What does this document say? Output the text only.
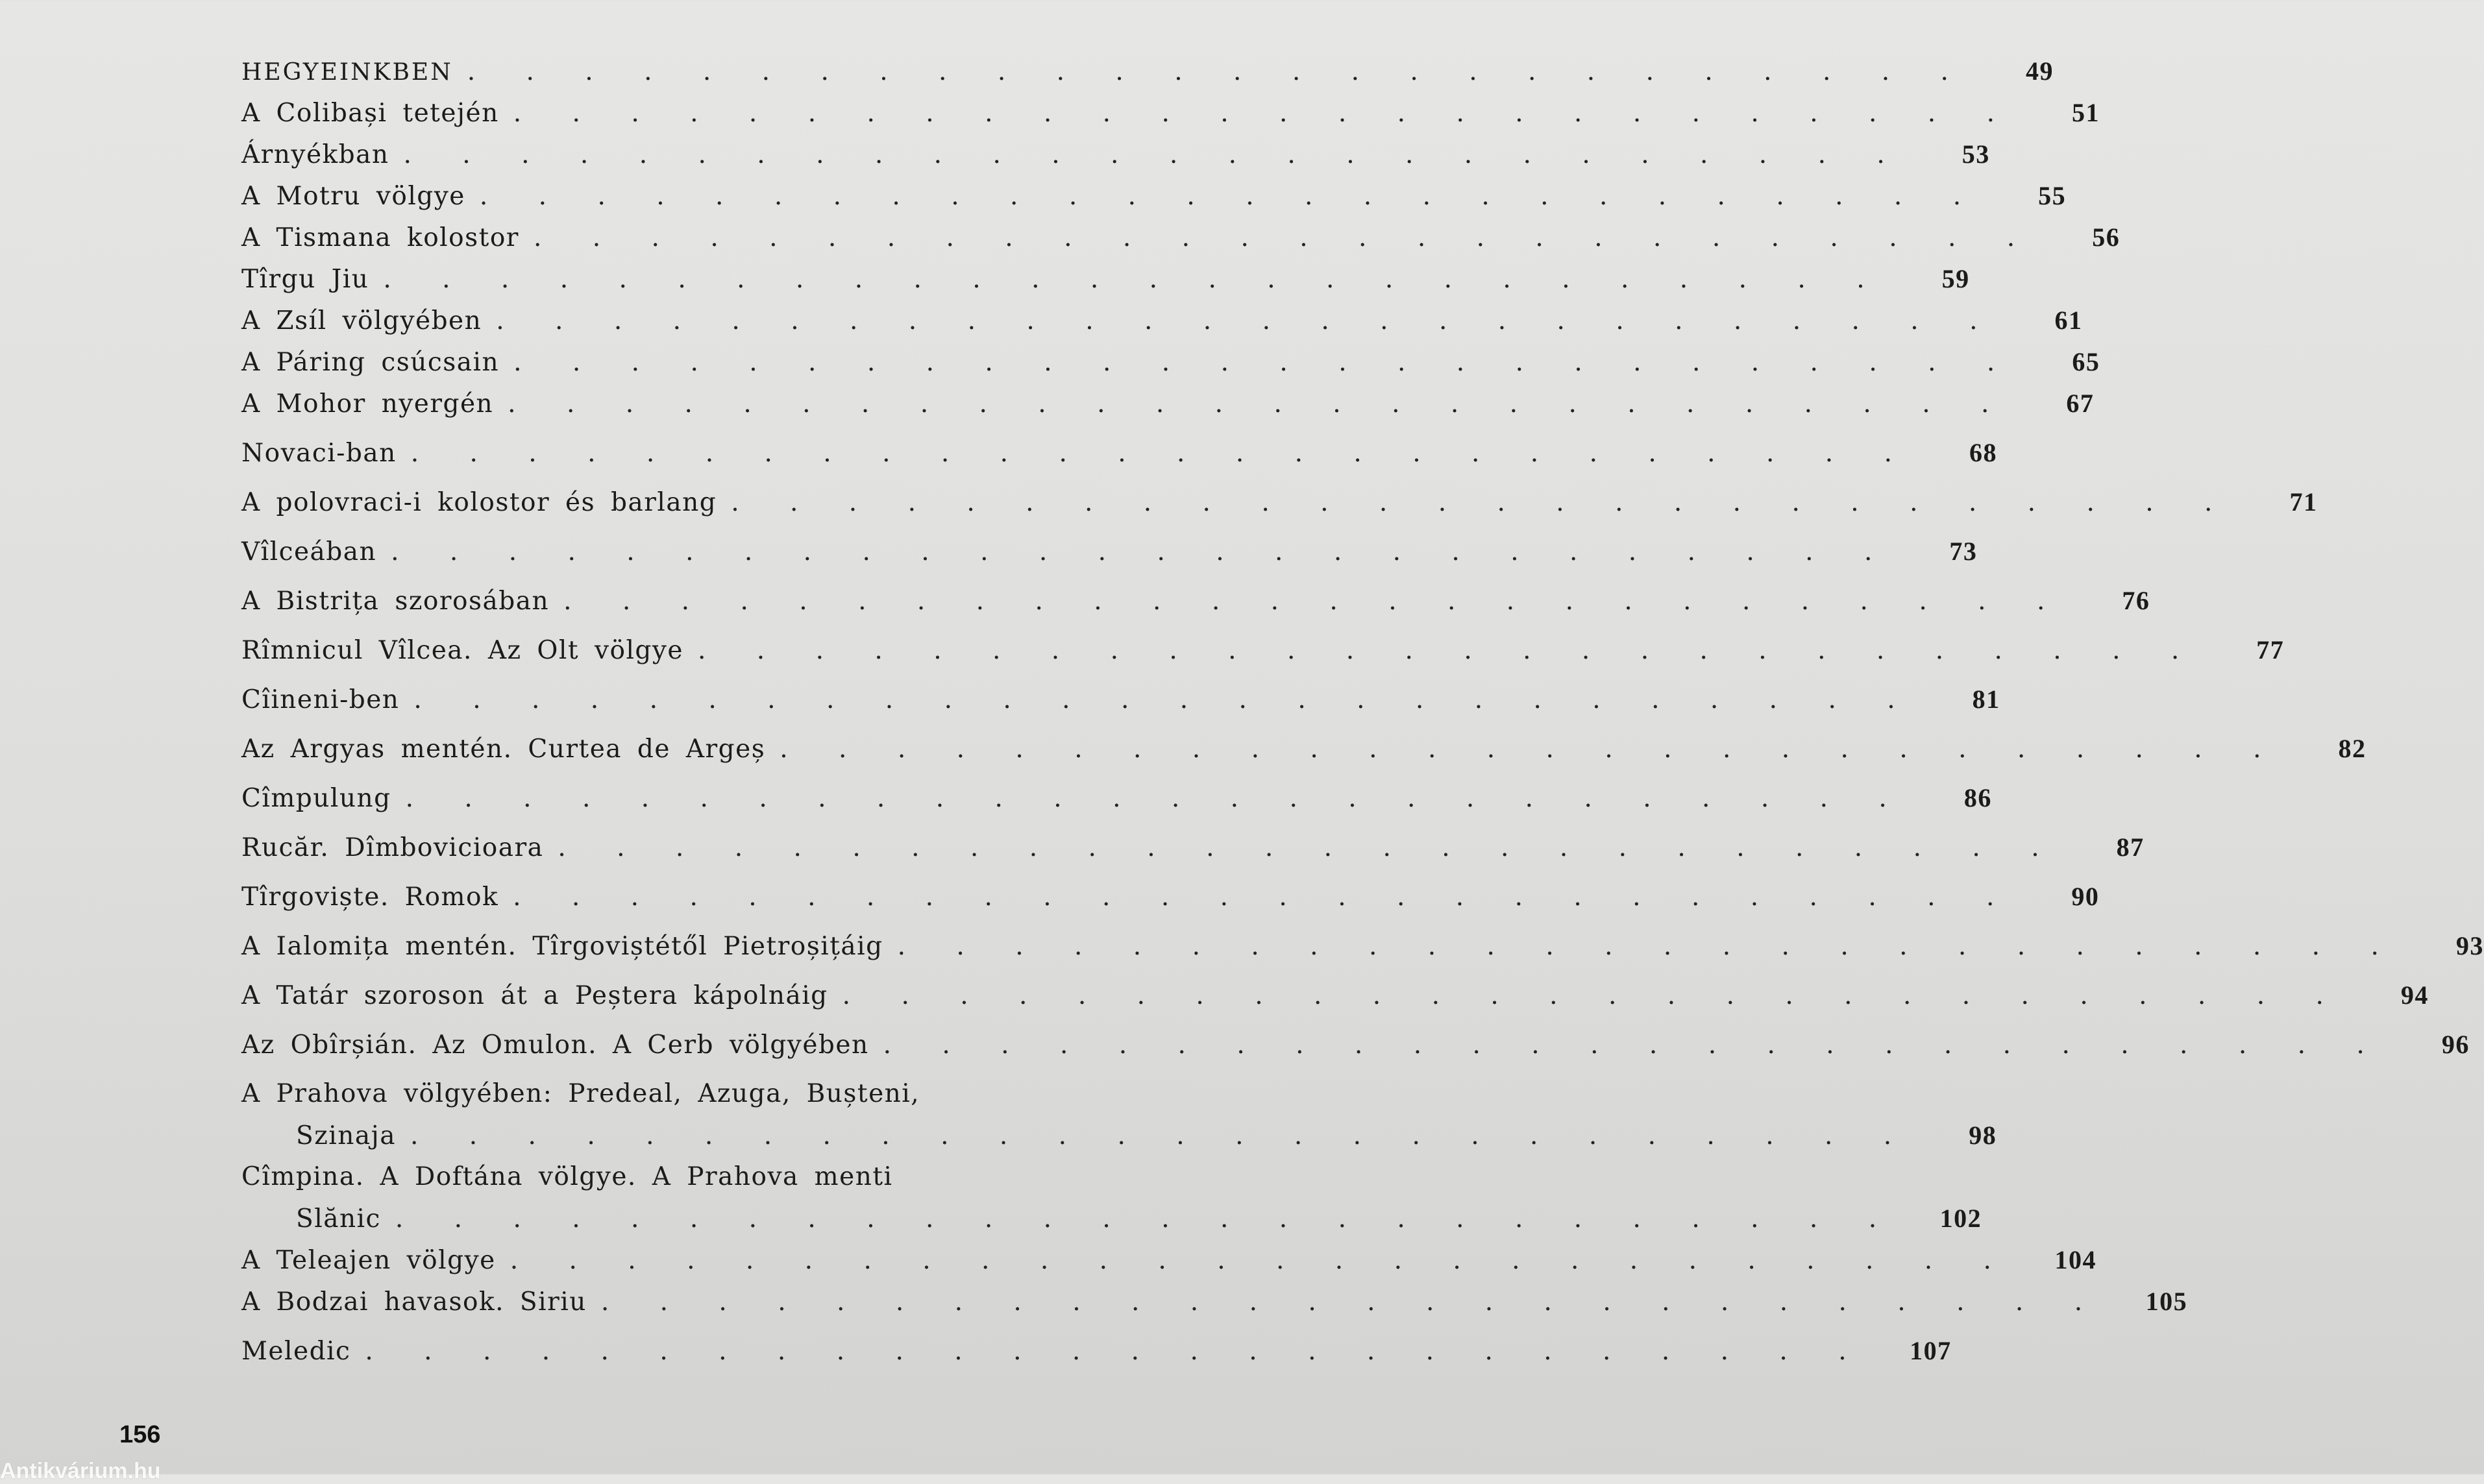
HEGYEINKBEN . . . . . . . . . . . . . . . . . . . . . . . . . .	49
A Colibași tetején . . . . . . . . . . . . . . . . . . . . . . . . . .	51
Árnyékban . . . . . . . . . . . . . . . . . . . . . . . . . .	53
A Motru völgye . . . . . . . . . . . . . . . . . . . . . . . . . .	55
A Tismana kolostor . . . . . . . . . . . . . . . . . . . . . . . . . .	56
Tîrgu Jiu . . . . . . . . . . . . . . . . . . . . . . . . . .	59
A Zsíl völgyében . . . . . . . . . . . . . . . . . . . . . . . . . .	61
A Páring csúcsain . . . . . . . . . . . . . . . . . . . . . . . . . .	65
A Mohor nyergén . . . . . . . . . . . . . . . . . . . . . . . . . .	67
Novaci-ban . . . . . . . . . . . . . . . . . . . . . . . . . .	68
A polovraci-i kolostor és barlang . . . . . . . . . . . . . . . . . . . . . . . . . .	71
Vîlceában . . . . . . . . . . . . . . . . . . . . . . . . . .	73
A Bistrița szorosában . . . . . . . . . . . . . . . . . . . . . . . . . .	76
Rîmnicul Vîlcea. Az Olt völgye . . . . . . . . . . . . . . . . . . . . . . . . . .	77
Cîineni-ben . . . . . . . . . . . . . . . . . . . . . . . . . .	81
Az Argyas mentén. Curtea de Argeș . . . . . . . . . . . . . . . . . . . . . . . . . .	82
Cîmpulung . . . . . . . . . . . . . . . . . . . . . . . . . .	86
Rucăr. Dîmbovicioara . . . . . . . . . . . . . . . . . . . . . . . . . .	87
Tîrgoviște. Romok . . . . . . . . . . . . . . . . . . . . . . . . . .	90
A Ialomița mentén. Tîrgoviștétől Pietroșițáig . . . . . . . . . . . . . . . . . . . . . . . . . .	93
A Tatár szoroson át a Peștera kápolnáig . . . . . . . . . . . . . . . . . . . . . . . . . .	94
Az Obîrșián. Az Omulon. A Cerb völgyében . . . . . . . . . . . . . . . . . . . . . . . . . .	96
A Prahova völgyében: Predeal, Azuga, Bușteni,
Szinaja . . . . . . . . . . . . . . . . . . . . . . . . . .	98
Cîmpina. A Doftána völgye. A Prahova menti
Slănic . . . . . . . . . . . . . . . . . . . . . . . . . .	102
A Teleajen völgye . . . . . . . . . . . . . . . . . . . . . . . . . .	104
A Bodzai havasok. Siriu . . . . . . . . . . . . . . . . . . . . . . . . . .	105
Meledic . . . . . . . . . . . . . . . . . . . . . . . . . .	107
156
Antikvárium.hu
